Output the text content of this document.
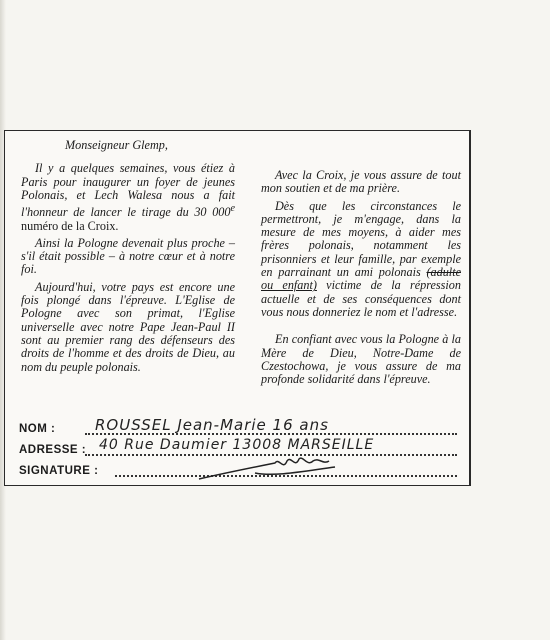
Monseigneur Glemp,

Il y a quelques semaines, vous étiez à Paris pour inaugurer un foyer de jeunes Polonais, et Lech Walesa nous a fait l'honneur de lancer le tirage du 30 000e numéro de la Croix.

Ainsi la Pologne devenait plus proche – s'il était possible – à notre cœur et à notre foi.

Aujourd'hui, votre pays est encore une fois plongé dans l'épreuve. L'Eglise de Pologne avec son primat, l'Eglise universelle avec notre Pape Jean-Paul II sont au premier rang des défenseurs des droits de l'homme et des droits de Dieu, au nom du peuple polonais.

Avec la Croix, je vous assure de tout mon soutien et de ma prière.

Dès que les circonstances le permettront, je m'engage, dans la mesure de mes moyens, à aider mes frères polonais, notamment les prisonniers et leur famille, par exemple en parrainant un ami polonais (adulte ou enfant) victime de la répression actuelle et de ses conséquences dont vous nous donneriez le nom et l'adresse.

En confiant avec vous la Pologne à la Mère de Dieu, Notre-Dame de Czestochowa, je vous assure de ma profonde solidarité dans l'épreuve.

NOM :	ROUSSEL Jean-Marie 16 ans
ADRESSE : 40 Rue Daumier 13008 MARSEILLE
SIGNATURE :
